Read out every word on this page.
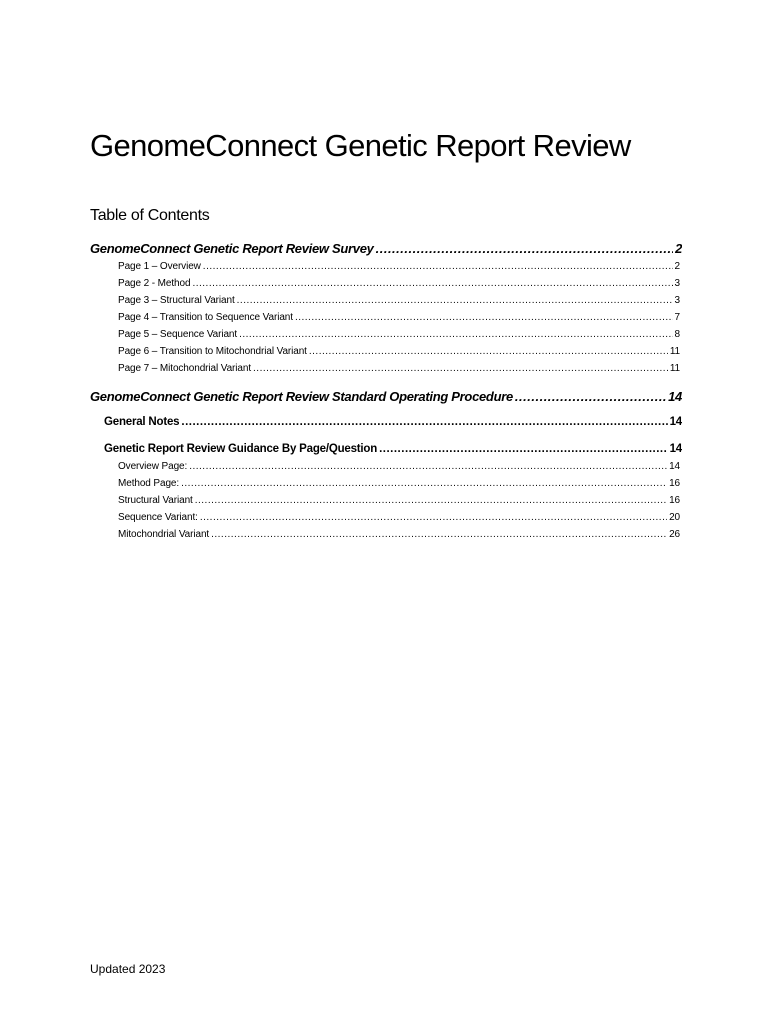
GenomeConnect Genetic Report Review
Table of Contents
GenomeConnect Genetic Report Review Survey .....	2
Page 1 – Overview .....	2
Page 2 - Method .....	3
Page 3 – Structural Variant .....	3
Page 4 – Transition to Sequence Variant .....	7
Page 5 – Sequence Variant .....	8
Page 6 – Transition to Mitochondrial Variant .....	11
Page 7 – Mitochondrial Variant .....	11
GenomeConnect Genetic Report Review Standard Operating Procedure .....	14
General Notes .....	14
Genetic Report Review Guidance By Page/Question .....	14
Overview Page: .....	14
Method Page: .....	16
Structural Variant .....	16
Sequence Variant: .....	20
Mitochondrial Variant .....	26
Updated 2023
